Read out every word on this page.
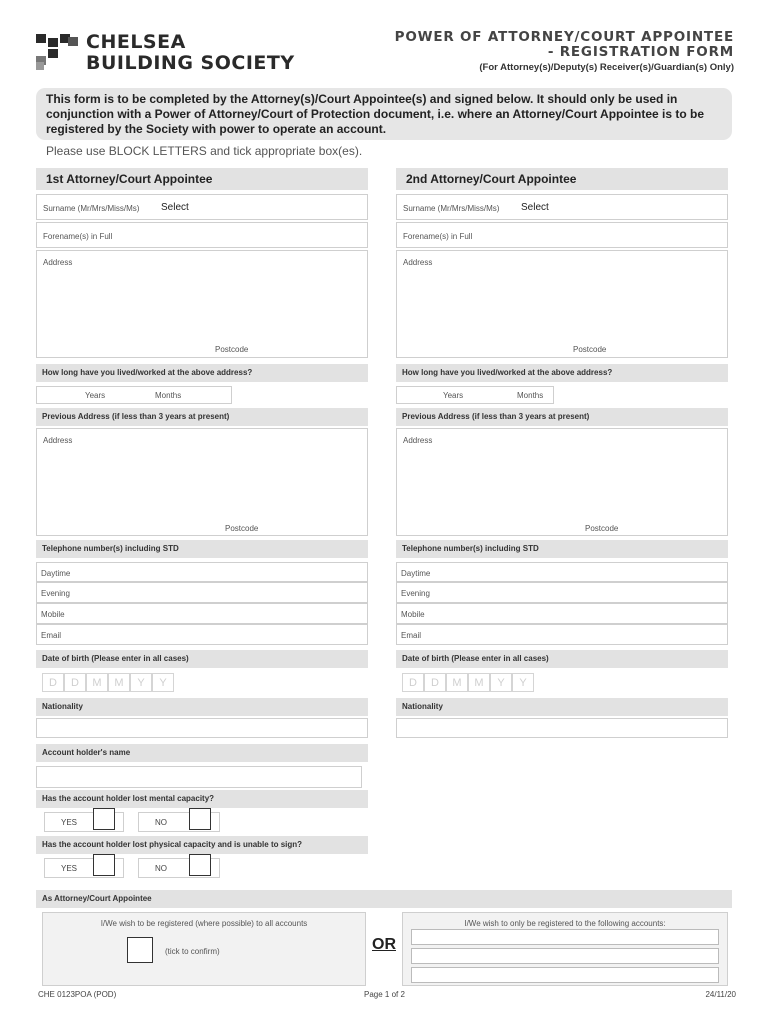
CHELSEA
BUILDING SOCIETY
POWER OF ATTORNEY/COURT APPOINTEE
- REGISTRATION FORM
(For Attorney(s)/Deputy(s) Receiver(s)/Guardian(s) Only)
This form is to be completed by the Attorney(s)/Court Appointee(s) and signed below. It should only be used in conjunction with a Power of Attorney/Court of Protection document, i.e. where an Attorney/Court Appointee is to be registered by the Society with power to operate an account.
Please use BLOCK LETTERS and tick appropriate box(es).
1st Attorney/Court Appointee
Surname (Mr/Mrs/Miss/Ms) Select
Forename(s) in Full
Address
Postcode
How long have you lived/worked at the above address?
Years	Months
Previous Address (if less than 3 years at present)
Address
Postcode
Telephone number(s) including STD
Daytime
Evening
Mobile
Email
Date of birth (Please enter in all cases)
D	D	M	M	Y	Y
Nationality
Account holder's name
Has the account holder lost mental capacity?
YES	NO
Has the account holder lost physical capacity and is unable to sign?
YES	NO
2nd Attorney/Court Appointee
Surname (Mr/Mrs/Miss/Ms) Select
Forename(s) in Full
Address
Postcode
How long have you lived/worked at the above address?
Years	Months
Previous Address (if less than 3 years at present)
Address
Postcode
Telephone number(s) including STD
Daytime
Evening
Mobile
Email
Date of birth (Please enter in all cases)
D	D	M	M	Y	Y
Nationality
As Attorney/Court Appointee
I/We wish to be registered (where possible) to all accounts
(tick to confirm)	OR
I/We wish to only be registered to the following accounts:
CHE 0123POA (POD)	Page 1 of 2	24/11/20
